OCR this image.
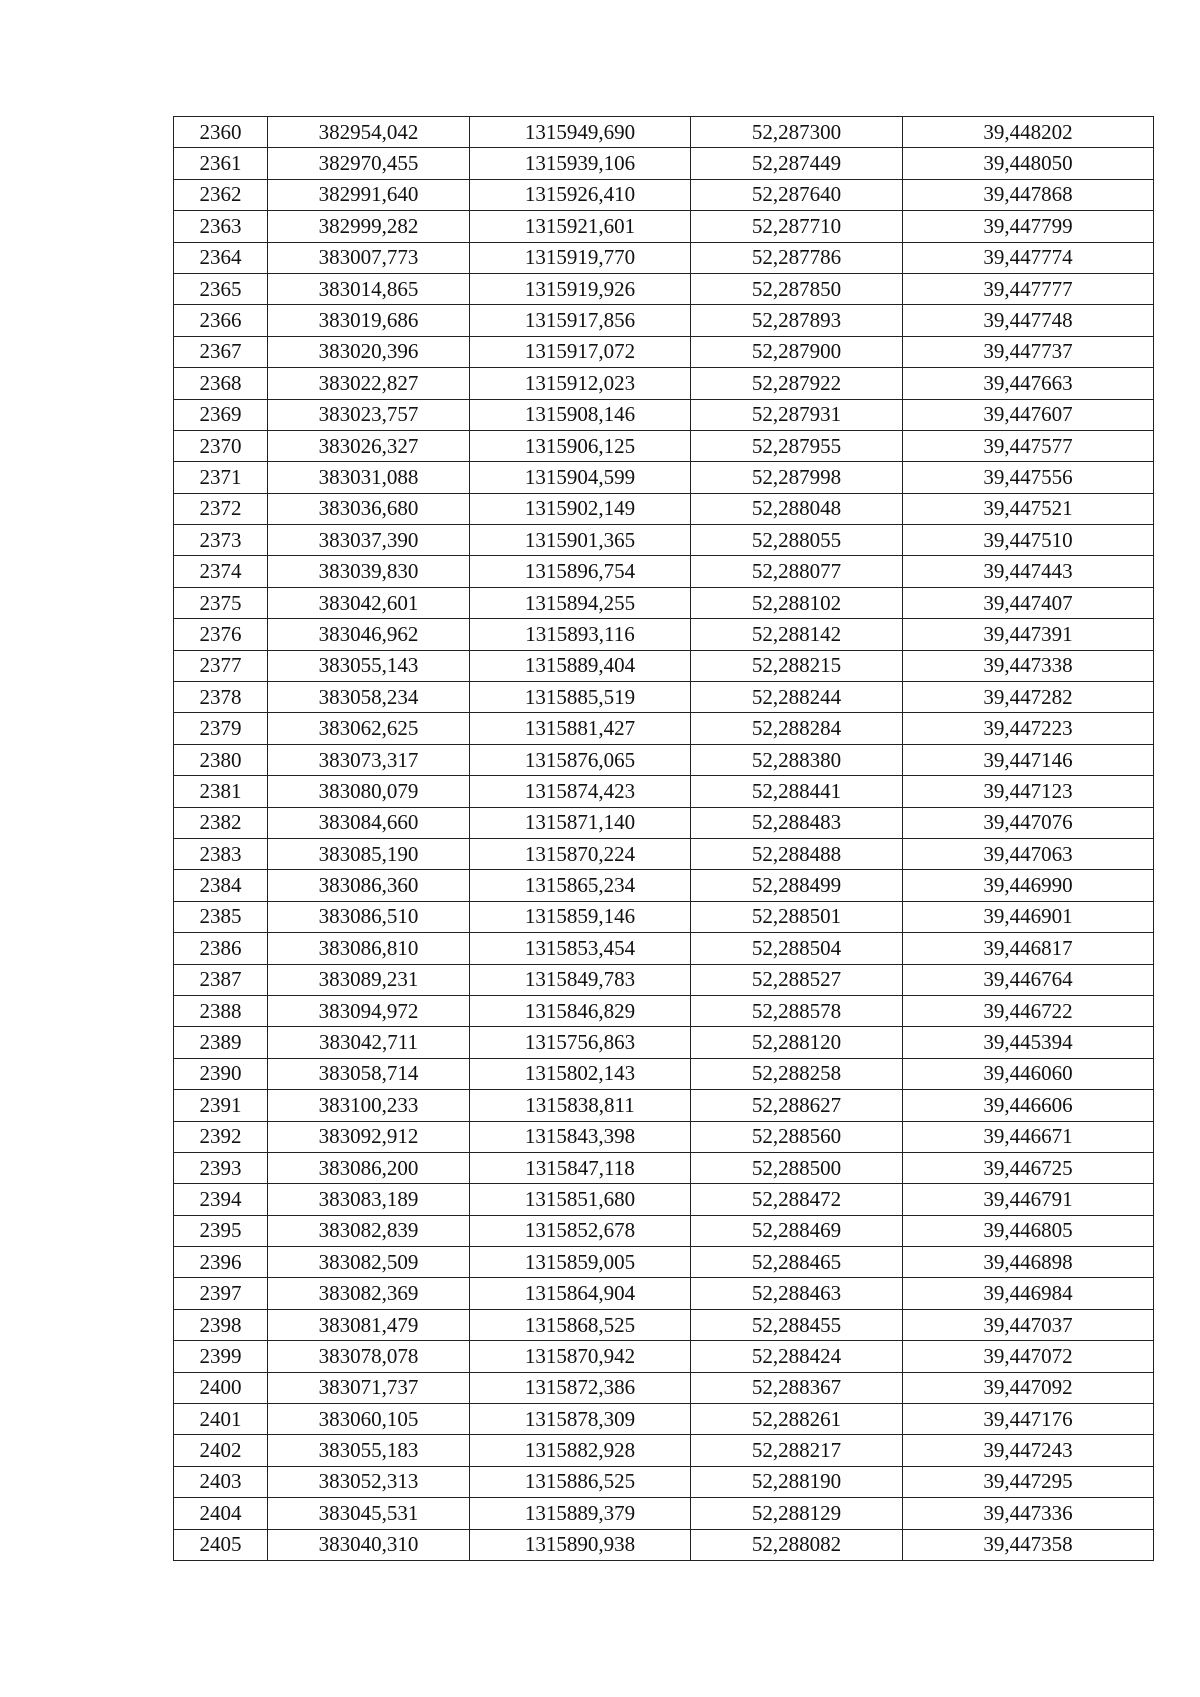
2360	382954,042	1315949,690	52,287300	39,448202
2361	382970,455	1315939,106	52,287449	39,448050
2362	382991,640	1315926,410	52,287640	39,447868
2363	382999,282	1315921,601	52,287710	39,447799
2364	383007,773	1315919,770	52,287786	39,447774
2365	383014,865	1315919,926	52,287850	39,447777
2366	383019,686	1315917,856	52,287893	39,447748
2367	383020,396	1315917,072	52,287900	39,447737
2368	383022,827	1315912,023	52,287922	39,447663
2369	383023,757	1315908,146	52,287931	39,447607
2370	383026,327	1315906,125	52,287955	39,447577
2371	383031,088	1315904,599	52,287998	39,447556
2372	383036,680	1315902,149	52,288048	39,447521
2373	383037,390	1315901,365	52,288055	39,447510
2374	383039,830	1315896,754	52,288077	39,447443
2375	383042,601	1315894,255	52,288102	39,447407
2376	383046,962	1315893,116	52,288142	39,447391
2377	383055,143	1315889,404	52,288215	39,447338
2378	383058,234	1315885,519	52,288244	39,447282
2379	383062,625	1315881,427	52,288284	39,447223
2380	383073,317	1315876,065	52,288380	39,447146
2381	383080,079	1315874,423	52,288441	39,447123
2382	383084,660	1315871,140	52,288483	39,447076
2383	383085,190	1315870,224	52,288488	39,447063
2384	383086,360	1315865,234	52,288499	39,446990
2385	383086,510	1315859,146	52,288501	39,446901
2386	383086,810	1315853,454	52,288504	39,446817
2387	383089,231	1315849,783	52,288527	39,446764
2388	383094,972	1315846,829	52,288578	39,446722
2389	383042,711	1315756,863	52,288120	39,445394
2390	383058,714	1315802,143	52,288258	39,446060
2391	383100,233	1315838,811	52,288627	39,446606
2392	383092,912	1315843,398	52,288560	39,446671
2393	383086,200	1315847,118	52,288500	39,446725
2394	383083,189	1315851,680	52,288472	39,446791
2395	383082,839	1315852,678	52,288469	39,446805
2396	383082,509	1315859,005	52,288465	39,446898
2397	383082,369	1315864,904	52,288463	39,446984
2398	383081,479	1315868,525	52,288455	39,447037
2399	383078,078	1315870,942	52,288424	39,447072
2400	383071,737	1315872,386	52,288367	39,447092
2401	383060,105	1315878,309	52,288261	39,447176
2402	383055,183	1315882,928	52,288217	39,447243
2403	383052,313	1315886,525	52,288190	39,447295
2404	383045,531	1315889,379	52,288129	39,447336
2405	383040,310	1315890,938	52,288082	39,447358
